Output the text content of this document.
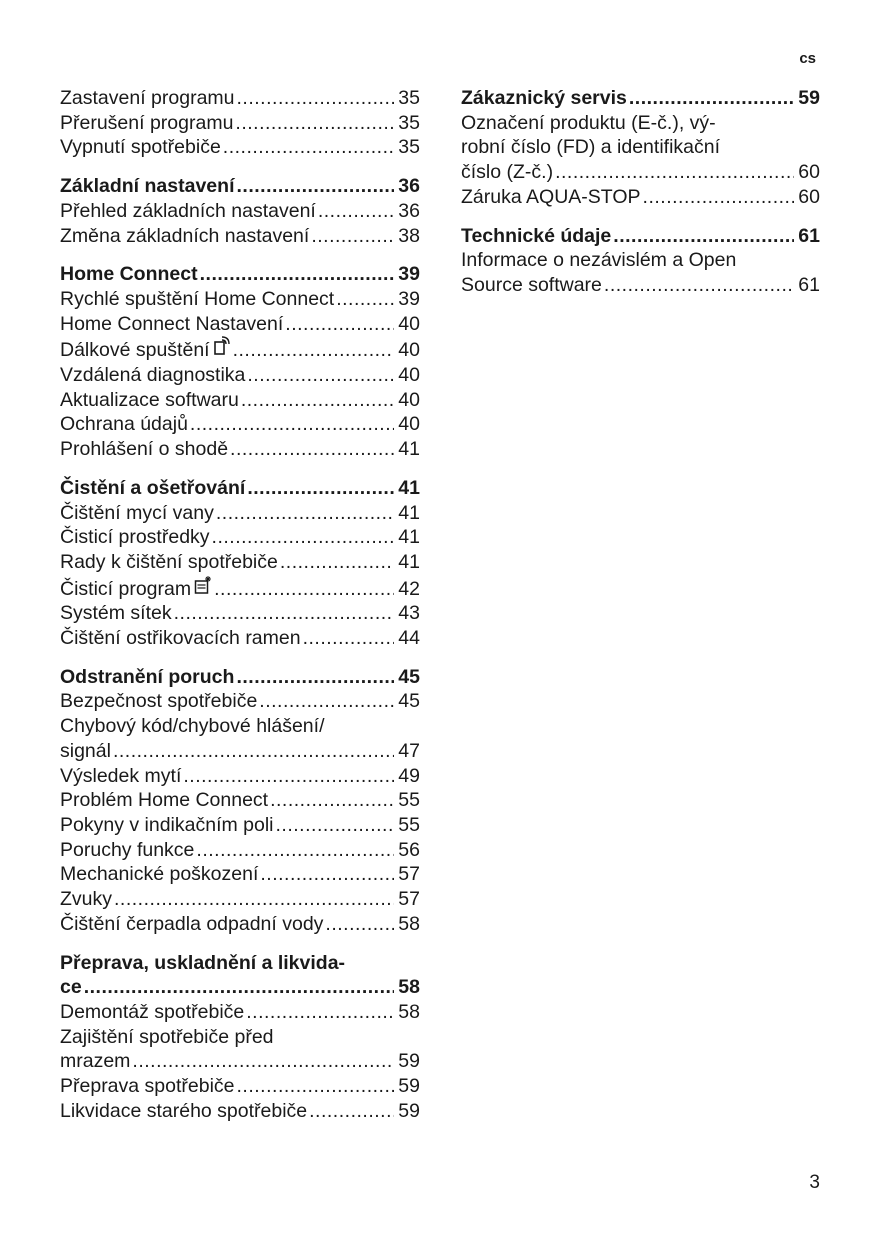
cs
Zastavení programu .....	35
Přerušení programu .....	35
Vypnutí spotřebiče .....	35
Základní nastavení .....	36
Přehled základních nastavení .....	36
Změna základních nastavení .....	38
Home Connect .....	39
Rychlé spuštění Home Connect .....	39
Home Connect Nastavení .....	40
Dálkové spuštění .....	40
Vzdálená diagnostika .....	40
Aktualizace softwaru .....	40
Ochrana údajů .....	40
Prohlášení o shodě .....	41
Čistění a ošetřování .....	41
Čištění mycí vany .....	41
Čisticí prostředky .....	41
Rady k čištění spotřebiče .....	41
Čisticí program .....	42
Systém sítek .....	43
Čištění ostřikovacích ramen .....	44
Odstranění poruch .....	45
Bezpečnost spotřebiče .....	45
Chybový kód/chybové hlášení/
signál .....	47
Výsledek mytí .....	49
Problém Home Connect .....	55
Pokyny v indikačním poli .....	55
Poruchy funkce .....	56
Mechanické poškození .....	57
Zvuky .....	57
Čištění čerpadla odpadní vody .....	58
Přeprava, uskladnění a likvida-
ce .....	58
Demontáž spotřebiče .....	58
Zajištění spotřebiče před
mrazem .....	59
Přeprava spotřebiče .....	59
Likvidace starého spotřebiče .....	59
Zákaznický servis .....	59
Označení produktu (E-č.), vý-
robní číslo (FD) a identifikační
číslo (Z-č.) .....	60
Záruka AQUA-STOP .....	60
Technické údaje .....	61
Informace o nezávislém a Open
Source software .....	61
3
